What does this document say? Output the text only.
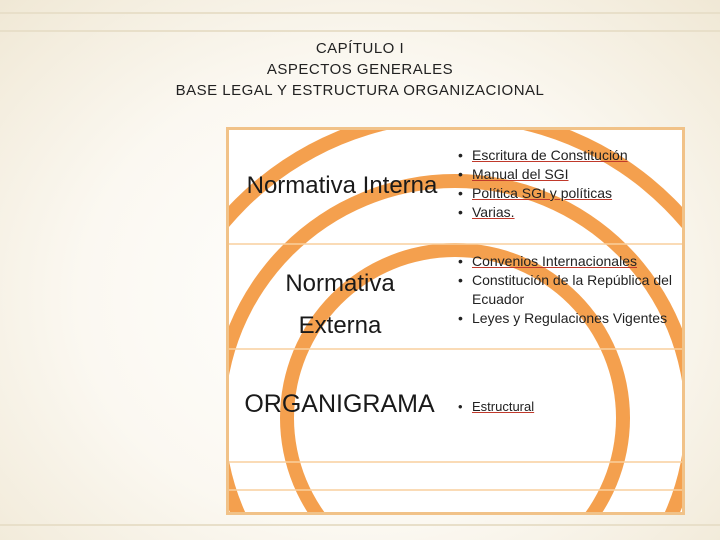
CAPÍTULO I
ASPECTOS GENERALES
BASE LEGAL Y ESTRUCTURA ORGANIZACIONAL
Normativa Interna
Normativa
Externa
ORGANIGRAMA
• Escritura de Constitución
• Manual del SGI
• Política SGI y políticas
• Varias.
• Convenios Internacionales
• Constitución de la República del Ecuador
• Leyes y Regulaciones Vigentes
• Estructural
